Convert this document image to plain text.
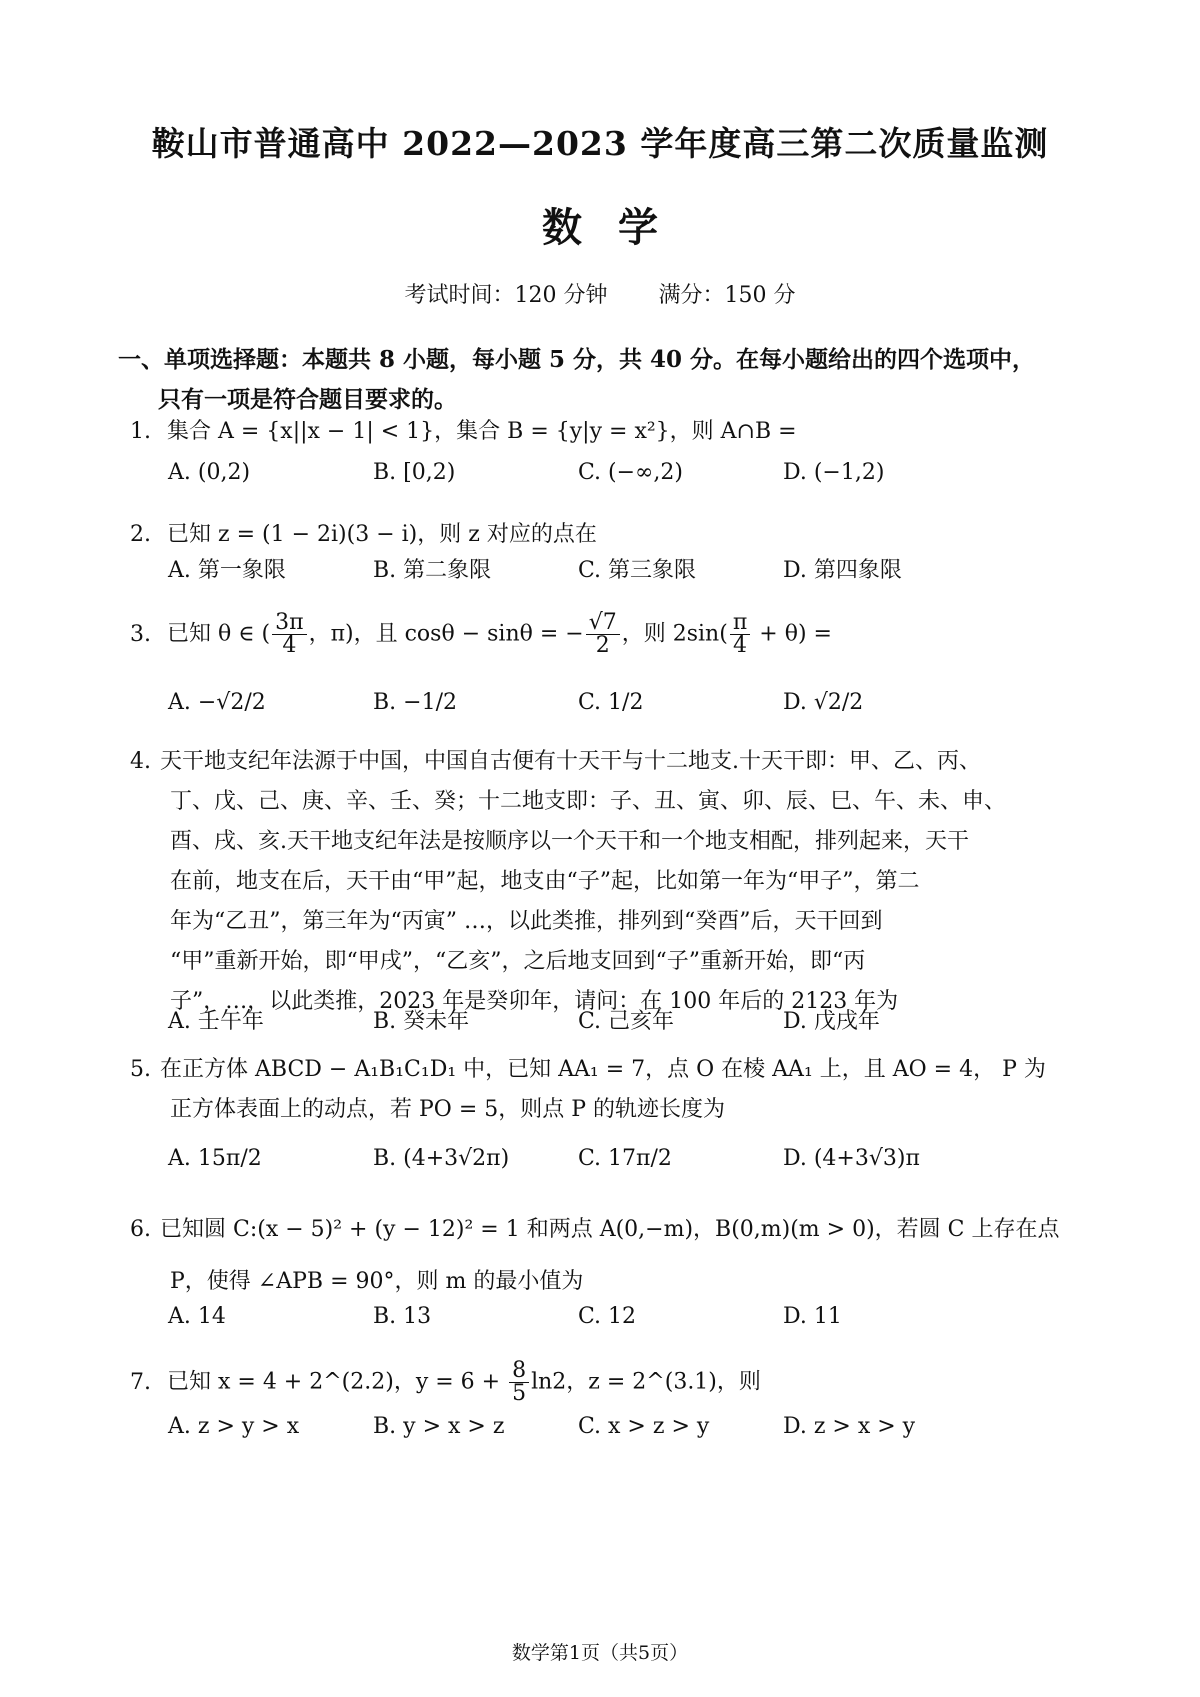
鞍山市普通高中 2022—2023 学年度高三第二次质量监测
数学
考试时间：120 分钟 满分：150 分
一、单项选择题：本题共 8 小题，每小题 5 分，共 40 分。在每小题给出的四个选项中，
只有一项是符合题目要求的。
1. 集合 A = {x||x − 1| < 1}，集合 B = {y|y = x²}，则 A∩B =
A. (0,2)	B. [0,2)	C. (−∞,2)	D. (−1,2)
2. 已知 z = (1 − 2i)(3 − i)，则 z 对应的点在
A. 第一象限	B. 第二象限	C. 第三象限	D. 第四象限
3. 已知 θ ∈ ( $\frac{3\pi}{4}$ ，π)，且 cosθ − sinθ = − $\frac{√7}{2}$ ，则 $2\sin( \frac{\pi}{4} + \theta)$ =
A. −√2/2	B. −1/2	C. 1/2	D. √2/2
4. 天干地支纪年法源于中国，中国自古便有十天干与十二地支.十天干即：甲、乙、丙、
丁、戊、己、庚、辛、壬、癸；十二地支即：子、丑、寅、卯、辰、巳、午、未、申、
酉、戌、亥.天干地支纪年法是按顺序以一个天干和一个地支相配，排列起来，天干
在前，地支在后，天干由“甲”起，地支由“子”起，比如第一年为“甲子”，第二
年为“乙丑”，第三年为“丙寅” …，以此类推，排列到“癸酉”后，天干回到
“甲”重新开始，即“甲戌”，“乙亥”，之后地支回到“子”重新开始，即“丙
子”，…，以此类推，2023 年是癸卯年，请问：在 100 年后的 2123 年为
A. 壬午年	B. 癸未年	C. 己亥年	D. 戊戌年
5. 在正方体 ABCD − A₁B₁C₁D₁ 中，已知 AA₁ = 7，点 O 在棱 AA₁ 上，且 AO = 4， P 为
正方体表面上的动点，若 PO = 5，则点 P 的轨迹长度为
A. 15π/2	B. (4+3√2π)	C. 17π/2	D. (4+3√3)π
6. 已知圆 C:(x − 5)² + (y − 12)² = 1 和两点 A(0,−m)，B(0,m)(m > 0)，若圆 C 上存在点
P，使得 ∠APB = 90°，则 m 的最小值为
A. 14	B. 13	C. 12	D. 11
7. 已知 x = 4 + 2^(2.2)，$y = 6 + \frac{8}{5} \ln 2$，z = 2^(3.1)，则
A. z > y > x	B. y > x > z	C. x > z > y	D. z > x > y
数学第1页（共5页）
